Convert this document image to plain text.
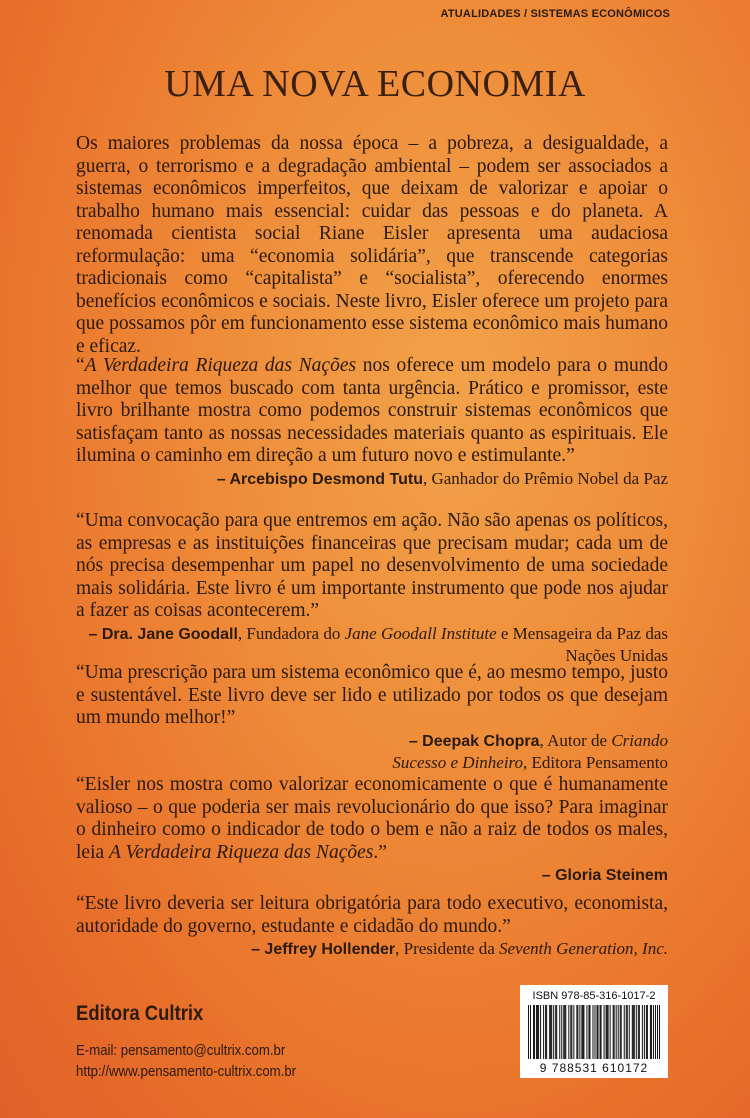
ATUALIDADES / SISTEMAS ECONÔMICOS
UMA NOVA ECONOMIA

Os maiores problemas da nossa época – a pobreza, a desigualdade, a guerra, o terrorismo e a degradação ambiental – podem ser associados a sistemas econômicos imperfeitos, que deixam de valorizar e apoiar o trabalho humano mais essencial: cuidar das pessoas e do planeta. A renomada cientista social Riane Eisler apresenta uma audaciosa reformulação: uma “economia solidária”, que transcende categorias tradicionais como “capitalista” e “socialista”, oferecendo enormes benefícios econômicos e sociais. Neste livro, Eisler oferece um projeto para que possamos pôr em funcionamento esse sistema econômico mais humano e eficaz.

“A Verdadeira Riqueza das Nações nos oferece um modelo para o mundo melhor que temos buscado com tanta urgência. Prático e promissor, este livro brilhante mostra como podemos construir sistemas econômicos que satisfaçam tanto as nossas necessidades materiais quanto as espirituais. Ele ilumina o caminho em direção a um futuro novo e estimulante.”

– Arcebispo Desmond Tutu, Ganhador do Prêmio Nobel da Paz

“Uma convocação para que entremos em ação. Não são apenas os políticos, as empresas e as instituições financeiras que precisam mudar; cada um de nós precisa desempenhar um papel no desenvolvimento de uma sociedade mais solidária. Este livro é um importante instrumento que pode nos ajudar a fazer as coisas acontecerem.”

– Dra. Jane Goodall, Fundadora do Jane Goodall Institute e Mensageira da Paz das Nações Unidas

“Uma prescrição para um sistema econômico que é, ao mesmo tempo, justo e sustentável. Este livro deve ser lido e utilizado por todos os que desejam um mundo melhor!”

– Deepak Chopra, Autor de Criando Sucesso e Dinheiro, Editora Pensamento

“Eisler nos mostra como valorizar economicamente o que é humanamente valioso – o que poderia ser mais revolucionário do que isso? Para imaginar o dinheiro como o indicador de todo o bem e não a raiz de todos os males, leia A Verdadeira Riqueza das Nações.”

– Gloria Steinem

“Este livro deveria ser leitura obrigatória para todo executivo, economista, autoridade do governo, estudante e cidadão do mundo.”

– Jeffrey Hollender, Presidente da Seventh Generation, Inc.
Editora Cultrix
E-mail: pensamento@cultrix.com.br
http://www.pensamento-cultrix.com.br
ISBN 978-85-316-1017-2
9 788531 610172
